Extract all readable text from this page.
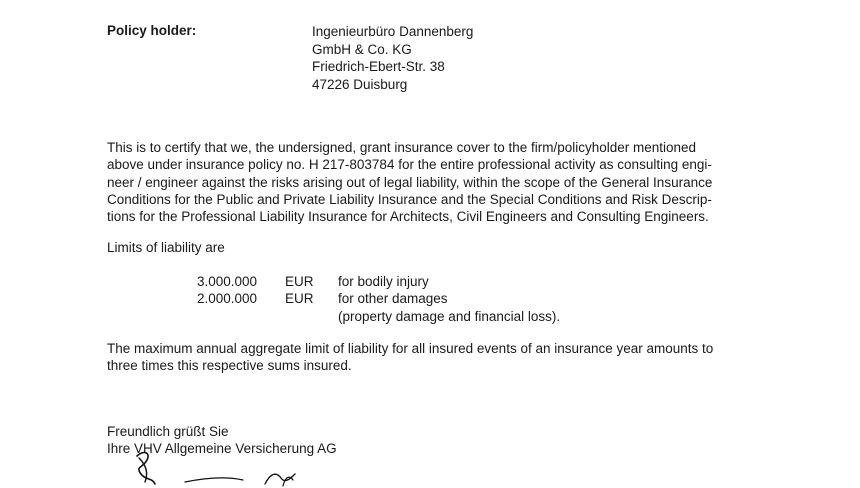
Policy holder:	Ingenieurbüro Dannenberg
GmbH & Co. KG
Friedrich-Ebert-Str. 38
47226 Duisburg
This is to certify that we, the undersigned, grant insurance cover to the firm/policyholder mentioned
above under insurance policy no. H 217-803784 for the entire professional activity as consulting engi-
neer / engineer against the risks arising out of legal liability, within the scope of the General Insurance
Conditions for the Public and Private Liability Insurance and the Special Conditions and Risk Descrip-
tions for the Professional Liability Insurance for Architects, Civil Engineers and Consulting Engineers.
Limits of liability are
3.000.000 EUR for bodily injury
2.000.000 EUR for other damages
(property damage and financial loss).
The maximum annual aggregate limit of liability for all insured events of an insurance year amounts to
three times this respective sums insured.
Freundlich grüßt Sie
Ihre VHV Allgemeine Versicherung AG
